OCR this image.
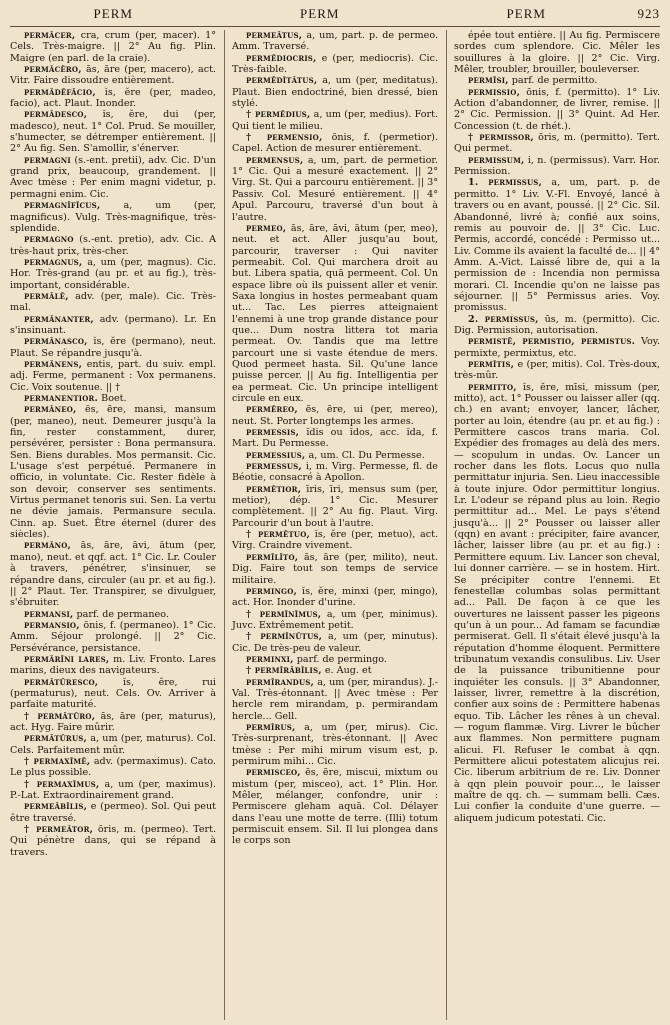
PERM	PERM	PERM	923

permăcer, cra, crum (per, macer). 1° Cels. Très-maigre. || 2° Au fig. Plin. Maigre (en parl. de la craie).

permăcĕro, ās, āre (per, macero), act. Vitr. Faire dissoudre entièrement.

permădĕfăcio, ĭs, ĕre (per, madeo, facio), act. Plaut. Inonder.

permădesco, ĭs, ĕre, dui (per, madesco), neut. 1° Col. Prud. Se mouiller, s'humecter, se détremper entièrement. || 2° Au fig. Sen. S'amollir, s'énerver.

permagni (s.-ent. pretii), adv. Cic. D'un grand prix, beaucoup, grandement. || Avec tmèse : Per enim magni videtur, p. permagni enim. Cic.

permagnĭfĭcus, a, um (per, magnificus). Vulg. Très-magnifique, très-splendide.

permagno (s.-ent. pretio), adv. Cic. A très-haut prix, très-cher.

permagnus, a, um (per, magnus). Cic. Hor. Très-grand (au pr. et au fig.), très-important, considérable.

permālē, adv. (per, male). Cic. Très-mal.

permănanter, adv. (permano). Lr. En s'insinuant.

permănasco, ĭs, ĕre (permano), neut. Plaut. Se répandre jusqu'à.

permănens, entis, part. du suiv. empl. adj. Ferme, permanent : Vox permanens. Cic. Voix soutenue. || †

permanentior. Boet.

permăneo, ēs, ēre, mansi, mansum (per, maneo), neut. Demeurer jusqu'à la fin, rester constamment, durer, persévérer, persister : Bona permansura. Sen. Biens durables. Mos permansit. Cic. L'usage s'est perpétué. Permanere in officio, in voluntate. Cic. Rester fidèle à son devoir, conserver ses sentiments. Virtus permanet tenoris sui. Sen. La vertu ne dévie jamais. Permansure secula. Cinn. ap. Suet. Être éternel (durer des siècles).

permăno, ās, āre, āvi, ātum (per, mano), neut. et qqf. act. 1° Cic. Lr. Couler à travers, pénétrer, s'insinuer, se répandre dans, circuler (au pr. et au fig.). || 2° Plaut. Ter. Transpirer, se divulguer, s'ébruiter.

permansi, parf. de permaneo.

permansio, ōnis, f. (permaneo). 1° Cic. Amm. Séjour prolongé. || 2° Cic. Persévérance, persistance.

permărīni lares, m. Liv. Fronto. Lares marins, dieux des navigateurs.

permātūresco,	ĭs, ĕre, rui (permaturus), neut. Cels. Ov. Arriver à parfaite maturité.

† permātūro, ās, āre (per, maturus), act. Hyg. Faire mûrir.

permātūrus, a, um (per, maturus). Col. Cels. Parfaitement mûr.

† permaxĭmē, adv. (permaximus). Cato. Le plus possible.

† permaxĭmus, a, um (per, maximus). P.-Lat. Extraordinairement grand.

permeābĭlis, e (permeo). Sol. Qui peut être traversé.

† permeātor, ōris, m. (permeo). Tert. Qui pénètre dans, qui se répand à travers.

permeātus, a, um, part. p. de permeo. Amm. Traversé.

permĕdiocris, e (per, mediocris). Cic. Très-faible.

permĕdĭtātus, a, um (per, meditatus). Plaut. Bien endoctriné, bien dressé, bien stylé.

† permĕdius, a, um (per, medius). Fort. Qui tient le milieu.

† permensio, ōnis, f. (permetior). Capel. Action de mesurer entièrement.

permensus, a, um, part. de permetior. 1° Cic. Qui a mesuré exactement. || 2° Virg. St. Qui a parcouru entièrement. || 3° Passiv. Col. Mesuré entièrement. || 4° Apul. Parcouru, traversé d'un bout à l'autre.

permeo, ās, āre, āvi, ātum (per, meo), neut. et act. Aller jusqu'au bout, parcourir, traverser : Qui naviter permeabit. Col. Qui marchera droit au but. Libera spatia, quā permeent. Col. Un espace libre où ils puissent aller et venir. Saxa longius in hostes permeabant quam ut... Tac. Les pierres atteignaient l'ennemi à une trop grande distance pour que... Dum nostra littera tot maria permeat. Ov. Tandis que ma lettre parcourt une si vaste étendue de mers. Quod permeet hasta. Sil. Qu'une lance puisse percer. || Au fig. Intelligentia per ea permeat. Cic. Un principe intelligent circule en eux.

permĕreo, ēs, ēre, ui (per, mereo), neut. St. Porter longtemps les armes.

permessis, ĭdis ou ĭdos, acc. ĭda, f. Mart. Du Permesse.

permessius, a, um. Cl. Du Permesse.

permessus, i, m. Virg. Permesse, fl. de Béotie, consacré à Apollon.

permētior, īris, īri, mensus sum (per, metior), dép. 1° Cic. Mesurer complètement. || 2° Au fig. Plaut. Virg. Parcourir d'un bout à l'autre.

† permĕtuo, ĭs, ĕre (per, metuo), act. Virg. Craindre vivement.

permīlĭto, ās, āre (per, milito), neut. Dig. Faire tout son temps de service militaire.

permingo, ĭs, ĕre, minxi (per, mingo), act. Hor. Inonder d'urine.

† permĭnĭmus, a, um (per, minimus). Juvc. Extrêmement petit.

† permĭnūtus, a, um (per, minutus). Cic. De très-peu de valeur.

perminxi, parf. de permingo.

† permīrābĭlis, e. Aug. et

permīrandus, a, um (per, mirandus). J.-Val. Très-étonnant. || Avec tmèse : Per hercle rem mirandam, p. permirandam hercle... Gell.

permīrus, a, um (per, mirus). Cic. Très-surprenant, très-étonnant. || Avec tmèse : Per mihi mirum visum est, p. permirum mihi... Cic.

permisceo, ēs, ēre, miscui, mixtum ou mistum (per, misceo), act. 1° Plin. Hor. Mêler, mélanger, confondre, unir : Permiscere gleham aquā. Col. Délayer dans l'eau une motte de terre. (Illi) totum permiscuit ensem. Sil. Il lui plongea dans le corps son

épée tout entière. || Au fig. Permiscere sordes cum splendore. Cic. Mêler les souillures à la gloire. || 2° Cic. Virg. Mêler, troubler, brouiller, bouleverser.

permīsi, parf. de permitto.

permissio, ōnis, f. (permitto). 1° Liv. Action d'abandonner, de livrer, remise. || 2° Cic. Permission. || 3° Quint. Ad Her. Concession (t. de rhét.).

† permissor, ōris, m. (permitto). Tert. Qui permet.

permissum, i, n. (permissus). Varr. Hor. Permission.

1. permissus, a, um, part. p. de permitto. 1° Liv. V.-Fl. Envoyé, lancé à travers ou en avant, poussé. || 2° Cic. Sil. Abandonné, livré à; confié aux soins, remis au pouvoir de. || 3° Cic. Luc. Permis, accordé, concédé : Permisso ut... Liv. Comme ils avaient la faculté de... || 4° Amm. A.-Vict. Laissé libre de, qui a la permission de : Incendia non permissa morari. Cl. Incendie qu'on ne laisse pas séjourner. || 5° Permissus aries. Voy. promissus.

2. permissus, ūs, m. (permitto). Cic. Dig. Permission, autorisation.

permistē, permistio, permistus. Voy. permixte, permixtus, etc.

permĭtis, e (per, mitis). Col. Très-doux, très-mûr.

permitto, ĭs, ĕre, mīsi, missum (per, mitto), act. 1° Pousser ou laisser aller (qq. ch.) en avant; envoyer, lancer, lâcher, porter au loin, étendre (au pr. et au fig.) : Permittere cascos trans maria. Col. Expédier des fromages au delà des mers. — scopulum in undas. Ov. Lancer un rocher dans les flots. Locus quo nulla permittatur injuria. Sen. Lieu inaccessible à toute injure. Odor permittitur longius. Lr. L'odeur se répand plus au loin. Regio permittitur ad... Mel. Le pays s'étend jusqu'à... || 2° Pousser ou laisser aller (qqn) en avant : précipiter, faire avancer, lâcher, laisser libre (au pr. et au fig.) : Permittere equum. Liv. Lancer son cheval, lui donner carrière. — se in hostem. Hirt. Se précipiter contre l'ennemi. Et fenestellæ columbas solas permittant ad... Pall. De façon à ce que les ouvertures ne laissent passer les pigeons qu'un à un pour... Ad famam se facundiæ permiserat. Gell. Il s'était élevé jusqu'à la réputation d'homme éloquent. Permittere tribunatum vexandis consulibus. Liv. User de la puissance tribunitienne pour inquiéter les consuls. || 3° Abandonner, laisser, livrer, remettre à la discrétion, confier aux soins de : Permittere habenas equo. Tib. Lâcher les rênes à un cheval. — rogum flammæ. Virg. Livrer le bûcher aux flammes. Non permittere pugnam alicui. Fl. Refuser le combat à qqn. Permittere alicui potestatem alicujus rei. Cic. liberum arbitrium de re. Liv. Donner à qqn plein pouvoir pour..., le laisser maître de qq. ch. — summam belli. Cæs. Lui confier la conduite d'une guerre. — aliquem judicum potestati. Cic.
